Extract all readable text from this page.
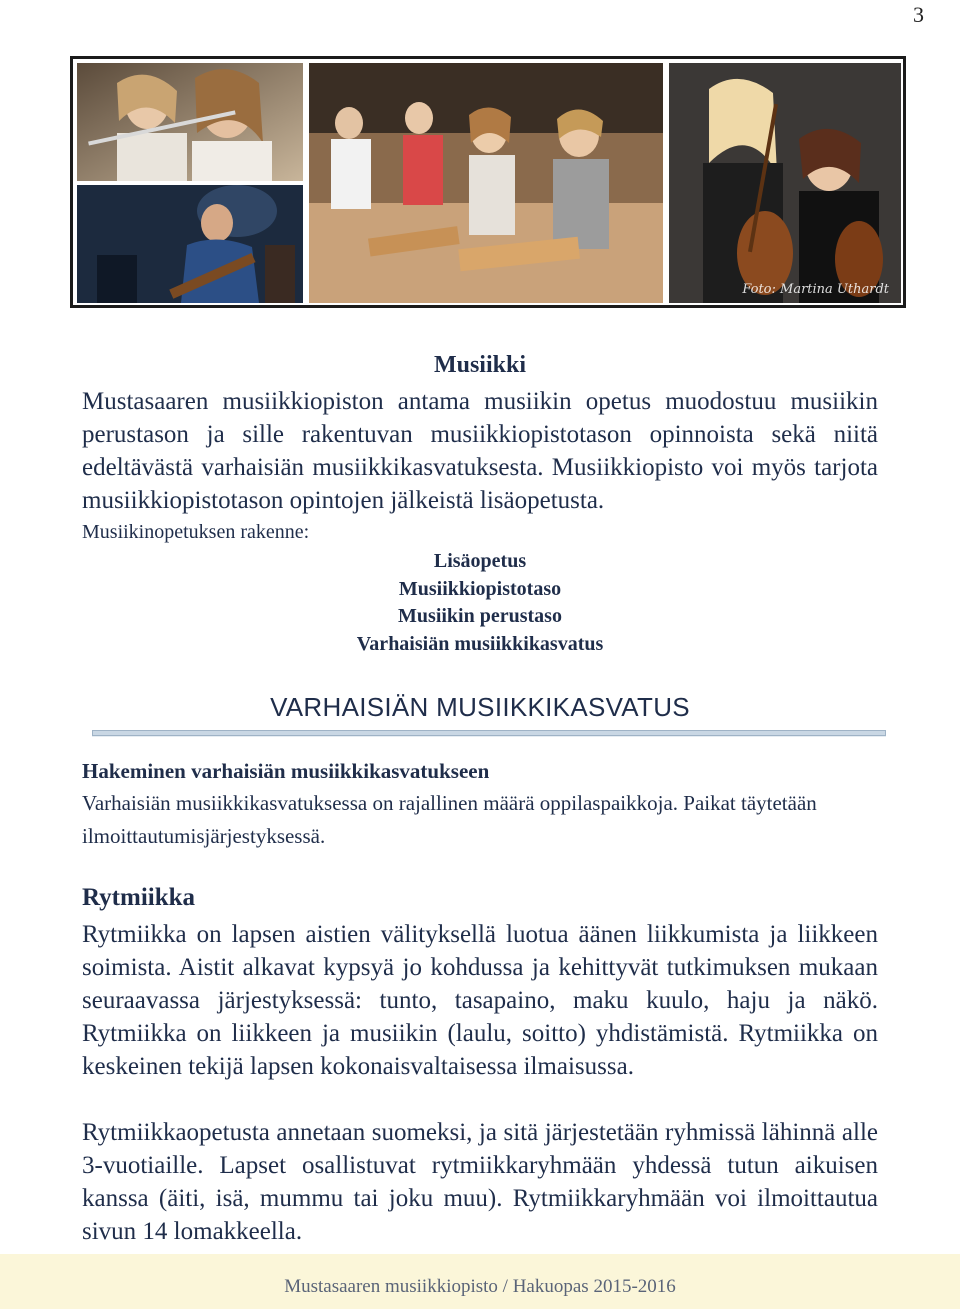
3
Foto: Martina Uthardt
Musiikki

Mustasaaren musiikkiopiston antama musiikin opetus muodostuu musiikin perustason ja sille rakentuvan musiikkiopistotason opinnoista sekä niitä edeltävästä varhaisiän musiikkikasvatuksesta. Musiikkiopisto voi myös tarjota musiikkiopistotason opintojen jälkeistä lisäopetusta.

Musiikinopetuksen rakenne:
Lisäopetus
Musiikkiopistotaso
Musiikin perustaso
Varhaisiän musiikkikasvatus
VARHAISIÄN MUSIIKKIKASVATUS
Hakeminen varhaisiän musiikkikasvatukseen

Varhaisiän musiikkikasvatuksessa on rajallinen määrä oppilaspaikkoja. Paikat täytetään ilmoittautumisjärjestyksessä.

Rytmiikka

Rytmiikka on lapsen aistien välityksellä luotua äänen liikkumista ja liikkeen soimista. Aistit alkavat kypsyä jo kohdussa ja kehittyvät tutkimuksen mukaan seuraavassa järjestyksessä: tunto, tasapaino, maku kuulo, haju ja näkö. Rytmiikka on liikkeen ja musiikin (laulu, soitto) yhdistämistä. Rytmiikka on keskeinen tekijä lapsen kokonaisvaltaisessa ilmaisussa.

Rytmiikkaopetusta annetaan suomeksi, ja sitä järjestetään ryhmissä lähinnä alle 3-vuotiaille. Lapset osallistuvat rytmiikkaryhmään yhdessä tutun aikuisen kanssa (äiti, isä, mummu tai joku muu). Rytmiikkaryhmään voi ilmoittautua sivun 14 lomakkeella.

Mustasaaren musiikkiopisto / Hakuopas 2015-2016
